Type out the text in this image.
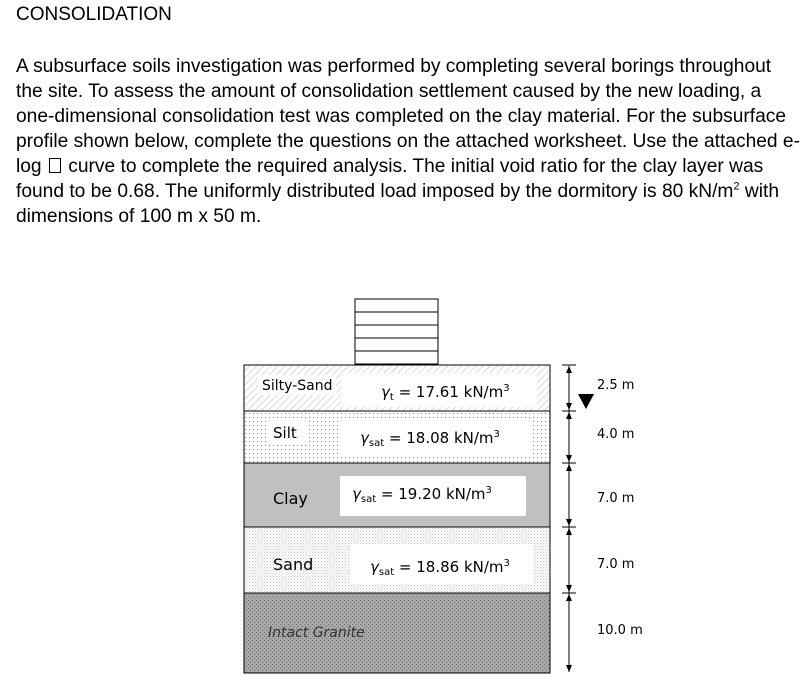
CONSOLIDATION

A subsurface soils investigation was performed by completing several borings throughout the site. To assess the amount of consolidation settlement caused by the new loading, a one-dimensional consolidation test was completed on the clay material. For the subsurface profile shown below, complete the questions on the attached worksheet. Use the attached e-log  curve to complete the required analysis. The initial void ratio for the clay layer was found to be 0.68. The uniformly distributed load imposed by the dormitory is 80 $kN/m^2$ with dimensions of 100 m x 50 m.

Silty-Sand	$\gamma_t = 17.61$ $kN/m^3$
Silt	$\gamma_{sat} = 18.08$ $kN/m^3$
Clay	$\gamma_{sat} = 19.20$ $kN/m^3$
Sand	$\gamma_{sat} = 18.86$ $kN/m^3$
Intact Granite
2.5 m
4.0 m
7.0 m
7.0 m
10.0 m
